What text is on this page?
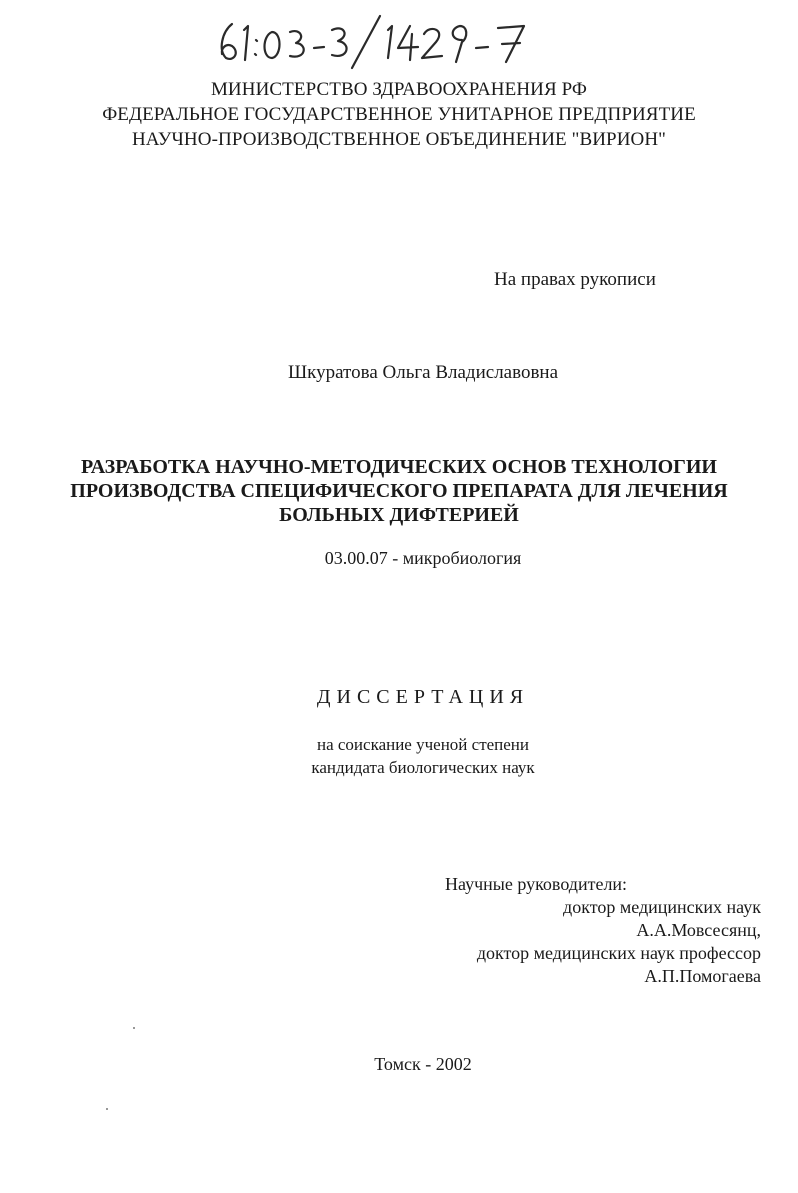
МИНИСТЕРСТВО ЗДРАВООХРАНЕНИЯ РФ
ФЕДЕРАЛЬНОЕ ГОСУДАРСТВЕННОЕ УНИТАРНОЕ ПРЕДПРИЯТИЕ
НАУЧНО-ПРОИЗВОДСТВЕННОЕ ОБЪЕДИНЕНИЕ "ВИРИОН"
На правах рукописи
Шкуратова Ольга Владиславовна
РАЗРАБОТКА НАУЧНО-МЕТОДИЧЕСКИХ ОСНОВ ТЕХНОЛОГИИ
ПРОИЗВОДСТВА СПЕЦИФИЧЕСКОГО ПРЕПАРАТА ДЛЯ ЛЕЧЕНИЯ
БОЛЬНЫХ ДИФТЕРИЕЙ
03.00.07 - микробиология
ДИССЕРТАЦИЯ
на соискание ученой степени
кандидата биологических наук
Научные руководители:
доктор медицинских наук
А.А.Мовсесянц,
доктор медицинских наук профессор
А.П.Помогаева
Томск - 2002
